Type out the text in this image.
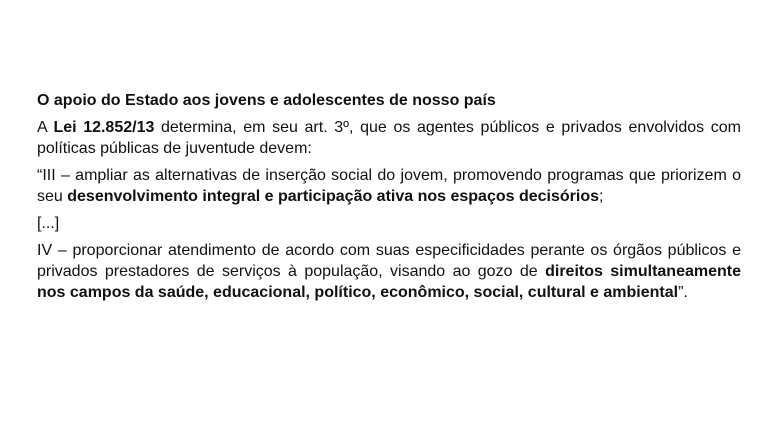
O apoio do Estado aos jovens e adolescentes de nosso país

A Lei 12.852/13 determina, em seu art. 3º, que os agentes públicos e privados envolvidos com políticas públicas de juventude devem:

“III – ampliar as alternativas de inserção social do jovem, promovendo programas que priorizem o seu desenvolvimento integral e participação ativa nos espaços decisórios;

[...]

IV – proporcionar atendimento de acordo com suas especificidades perante os órgãos públicos e privados prestadores de serviços à população, visando ao gozo de direitos simultaneamente nos campos da saúde, educacional, político, econômico, social, cultural e ambiental”.
